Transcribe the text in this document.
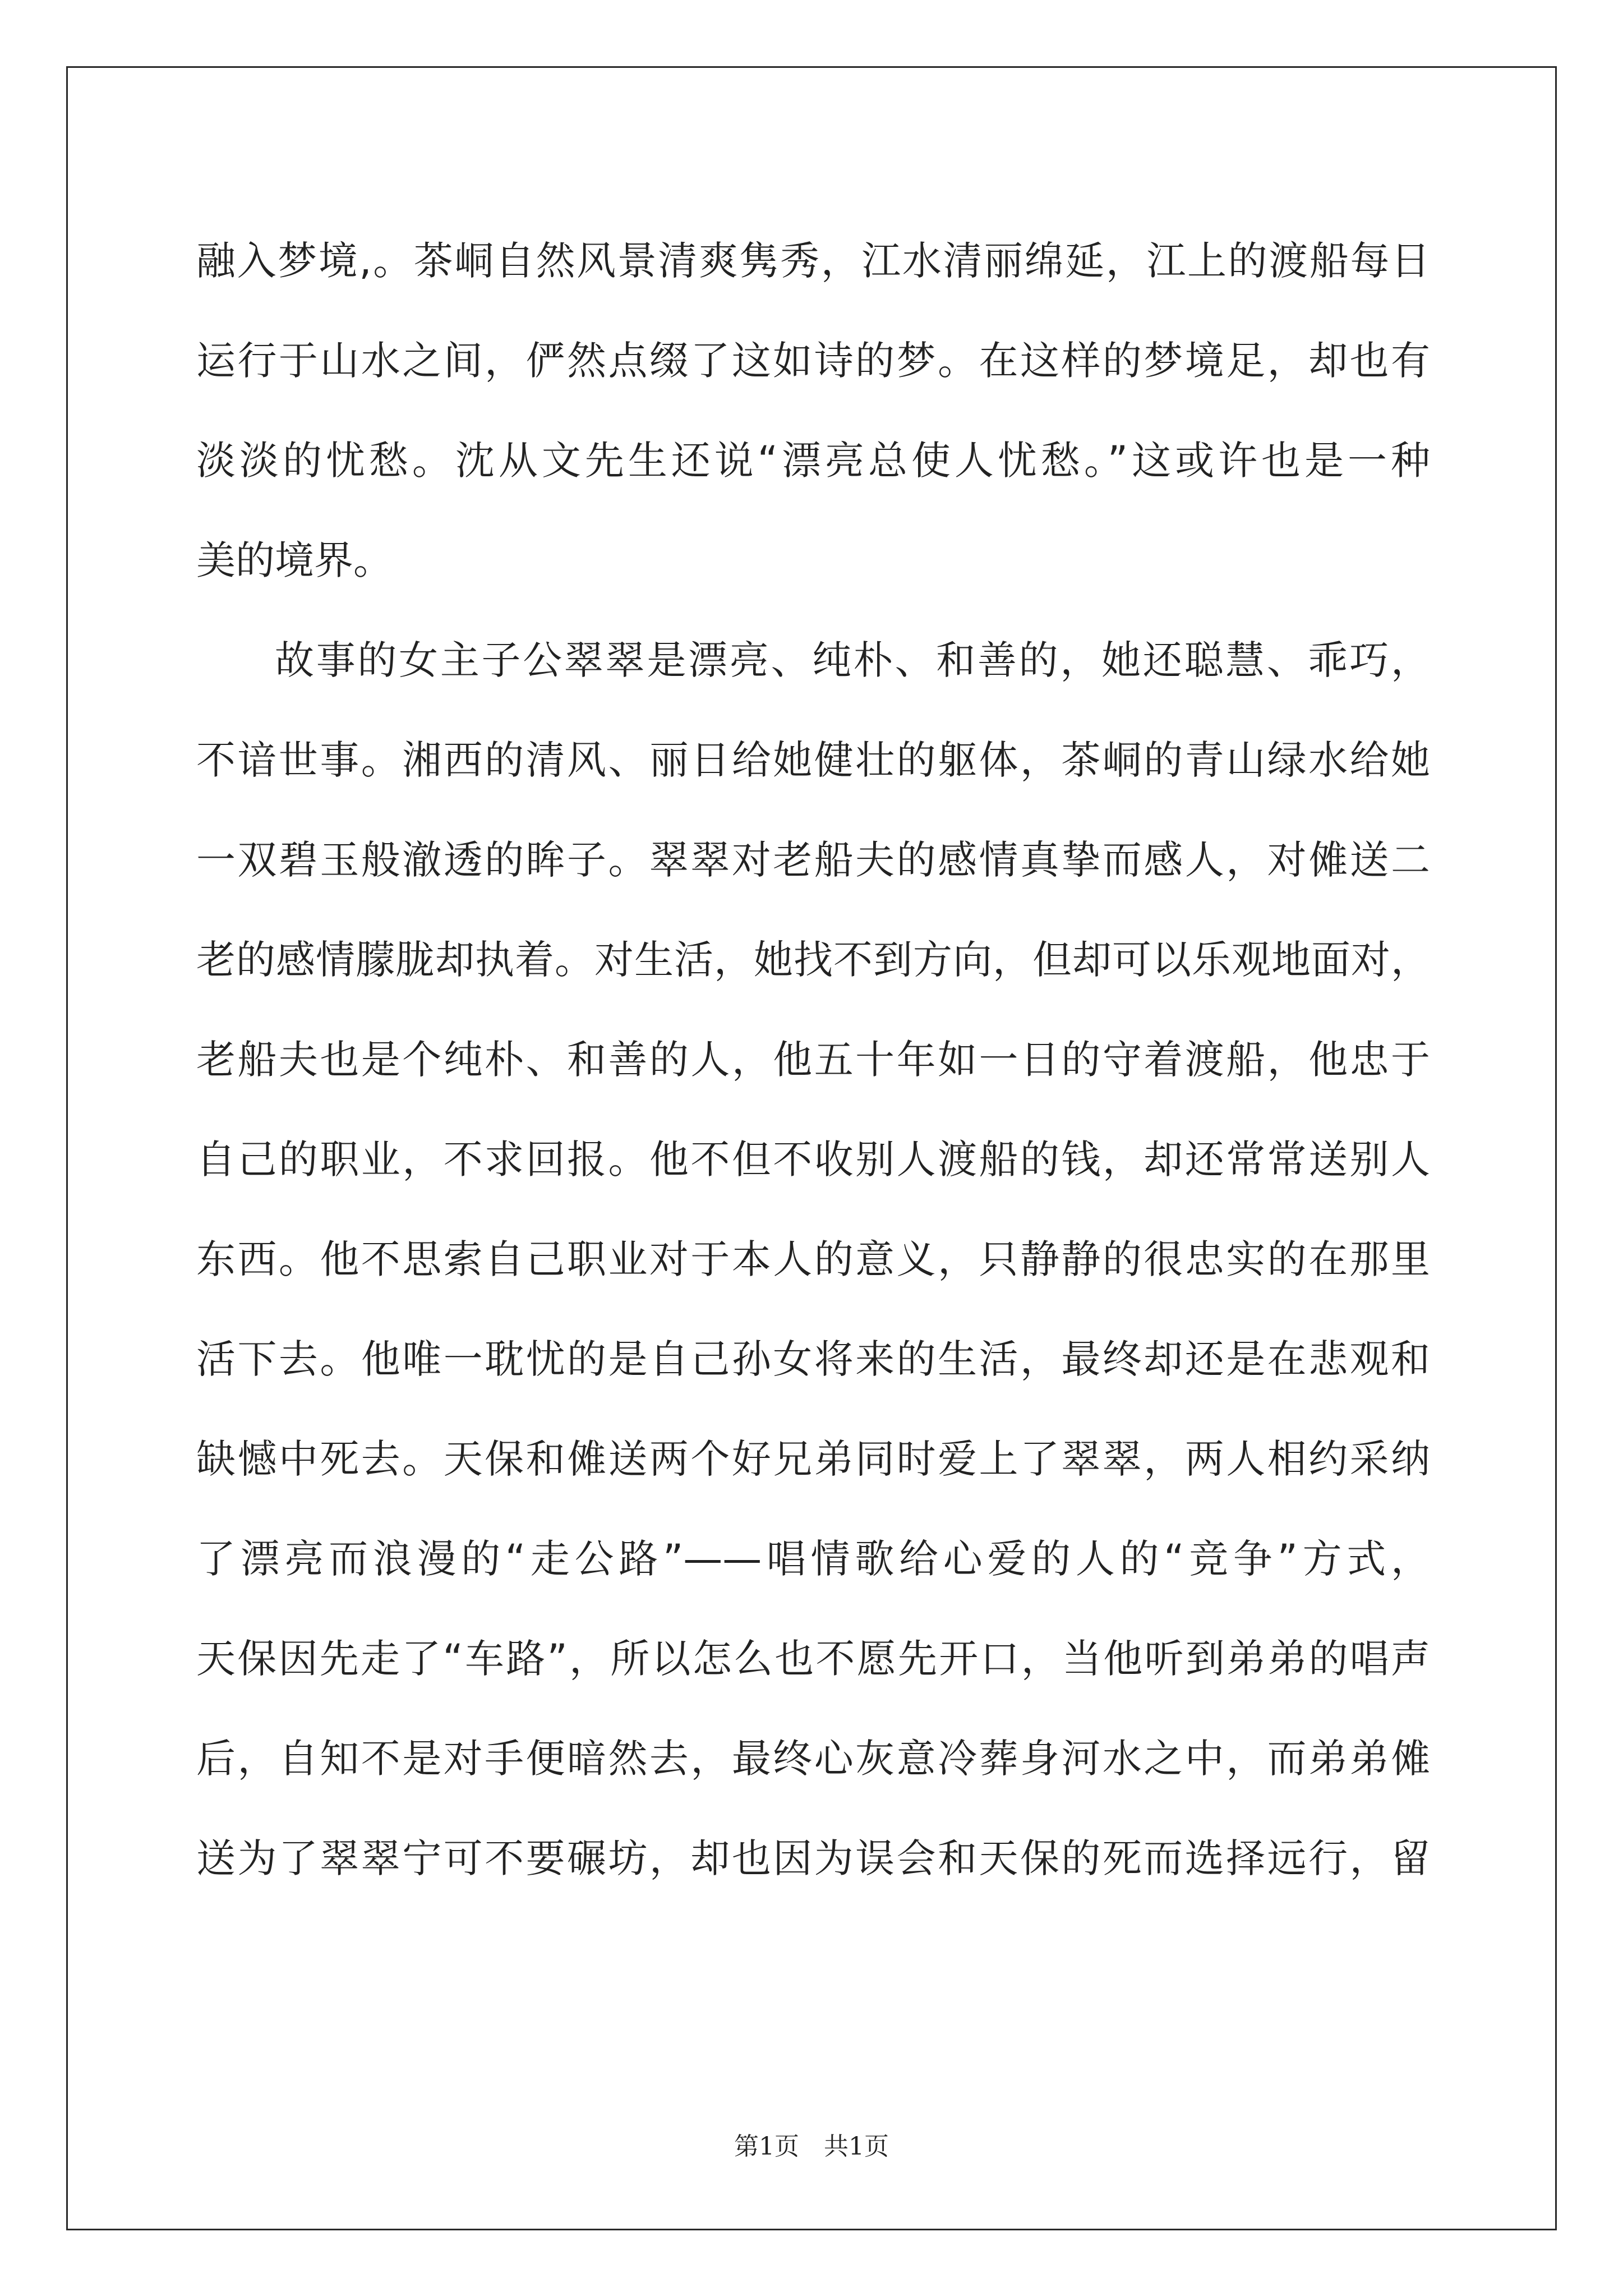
融入梦境,。茶峒自然风景清爽隽秀，江水清丽绵延，江上的渡船每日
运行于山水之间，俨然点缀了这如诗的梦。在这样的梦境足，却也有
淡淡的忧愁。沈从文先生还说“漂亮总使人忧愁。”这或许也是一种
美的境界。
故事的女主子公翠翠是漂亮、纯朴、和善的，她还聪慧、乖巧，
不谙世事。湘西的清风、丽日给她健壮的躯体，茶峒的青山绿水给她
一双碧玉般澈透的眸子。翠翠对老船夫的感情真挚而感人，对傩送二
老的感情朦胧却执着。对生活，她找不到方向，但却可以乐观地面对，
老船夫也是个纯朴、和善的人，他五十年如一日的守着渡船，他忠于
自己的职业，不求回报。他不但不收别人渡船的钱，却还常常送别人
东西。他不思索自己职业对于本人的意义，只静静的很忠实的在那里
活下去。他唯一耽忧的是自己孙女将来的生活，最终却还是在悲观和
缺憾中死去。天保和傩送两个好兄弟同时爱上了翠翠，两人相约采纳
了漂亮而浪漫的“走公路”——唱情歌给心爱的人的“竞争”方式，
天保因先走了“车路”，所以怎么也不愿先开口，当他听到弟弟的唱声
后，自知不是对手便暗然去，最终心灰意冷葬身河水之中，而弟弟傩
送为了翠翠宁可不要碾坊，却也因为误会和天保的死而选择远行，留
第1页 共1页
